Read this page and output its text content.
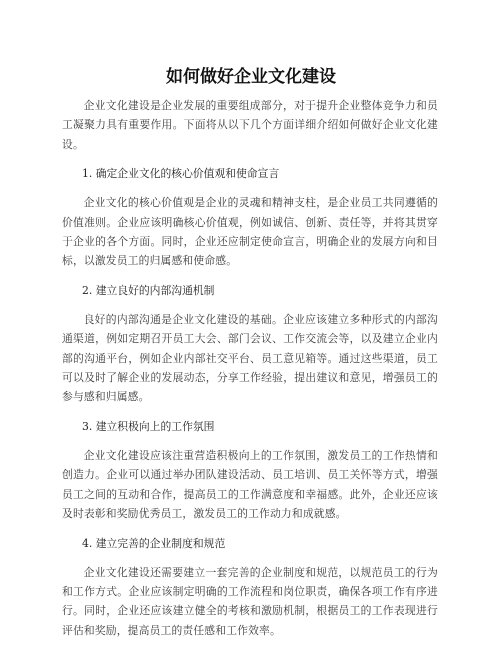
如何做好企业文化建设

企业文化建设是企业发展的重要组成部分，对于提升企业整体竞争力和员工凝聚力具有重要作用。下面将从以下几个方面详细介绍如何做好企业文化建设。

1. 确定企业文化的核心价值观和使命宣言

企业文化的核心价值观是企业的灵魂和精神支柱，是企业员工共同遵循的价值准则。企业应该明确核心价值观，例如诚信、创新、责任等，并将其贯穿于企业的各个方面。同时，企业还应制定使命宣言，明确企业的发展方向和目标，以激发员工的归属感和使命感。

2. 建立良好的内部沟通机制

良好的内部沟通是企业文化建设的基础。企业应该建立多种形式的内部沟通渠道，例如定期召开员工大会、部门会议、工作交流会等，以及建立企业内部的沟通平台，例如企业内部社交平台、员工意见箱等。通过这些渠道，员工可以及时了解企业的发展动态，分享工作经验，提出建议和意见，增强员工的参与感和归属感。

3. 建立积极向上的工作氛围

企业文化建设应该注重营造积极向上的工作氛围，激发员工的工作热情和创造力。企业可以通过举办团队建设活动、员工培训、员工关怀等方式，增强员工之间的互动和合作，提高员工的工作满意度和幸福感。此外，企业还应该及时表彰和奖励优秀员工，激发员工的工作动力和成就感。

4. 建立完善的企业制度和规范

企业文化建设还需要建立一套完善的企业制度和规范，以规范员工的行为和工作方式。企业应该制定明确的工作流程和岗位职责，确保各项工作有序进行。同时，企业还应该建立健全的考核和激励机制，根据员工的工作表现进行评估和奖励，提高员工的责任感和工作效率。
